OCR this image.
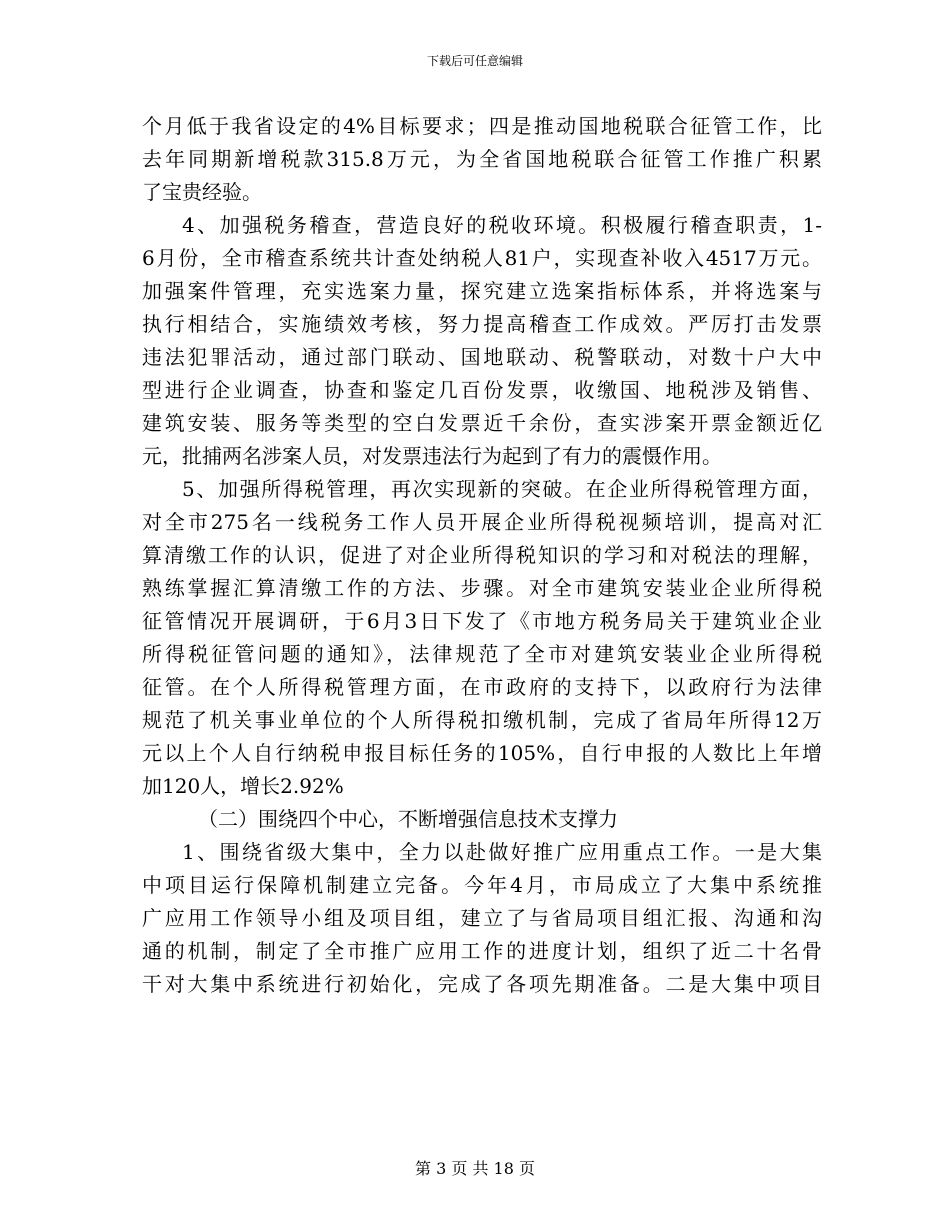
下载后可任意编辑
个月低于我省设定的4%目标要求；四是推动国地税联合征管工作，比
去年同期新增税款315.8万元，为全省国地税联合征管工作推广积累
了宝贵经验。
4、加强税务稽查，营造良好的税收环境。积极履行稽查职责，1-
6月份，全市稽查系统共计查处纳税人81户，实现查补收入4517万元。
加强案件管理，充实选案力量，探究建立选案指标体系，并将选案与
执行相结合，实施绩效考核，努力提高稽查工作成效。严厉打击发票
违法犯罪活动，通过部门联动、国地联动、税警联动，对数十户大中
型进行企业调查，协查和鉴定几百份发票，收缴国、地税涉及销售、
建筑安装、服务等类型的空白发票近千余份，查实涉案开票金额近亿
元，批捕两名涉案人员，对发票违法行为起到了有力的震慑作用。
5、加强所得税管理，再次实现新的突破。在企业所得税管理方面，
对全市275名一线税务工作人员开展企业所得税视频培训，提高对汇
算清缴工作的认识，促进了对企业所得税知识的学习和对税法的理解，
熟练掌握汇算清缴工作的方法、步骤。对全市建筑安装业企业所得税
征管情况开展调研，于6月3日下发了《市地方税务局关于建筑业企业
所得税征管问题的通知》，法律规范了全市对建筑安装业企业所得税
征管。在个人所得税管理方面，在市政府的支持下，以政府行为法律
规范了机关事业单位的个人所得税扣缴机制，完成了省局年所得12万
元以上个人自行纳税申报目标任务的105%，自行申报的人数比上年增
加120人，增长2.92%
（二）围绕四个中心，不断增强信息技术支撑力
1、围绕省级大集中，全力以赴做好推广应用重点工作。一是大集
中项目运行保障机制建立完备。今年4月，市局成立了大集中系统推
广应用工作领导小组及项目组，建立了与省局项目组汇报、沟通和沟
通的机制，制定了全市推广应用工作的进度计划，组织了近二十名骨
干对大集中系统进行初始化，完成了各项先期准备。二是大集中项目
第 3 页 共 18 页
